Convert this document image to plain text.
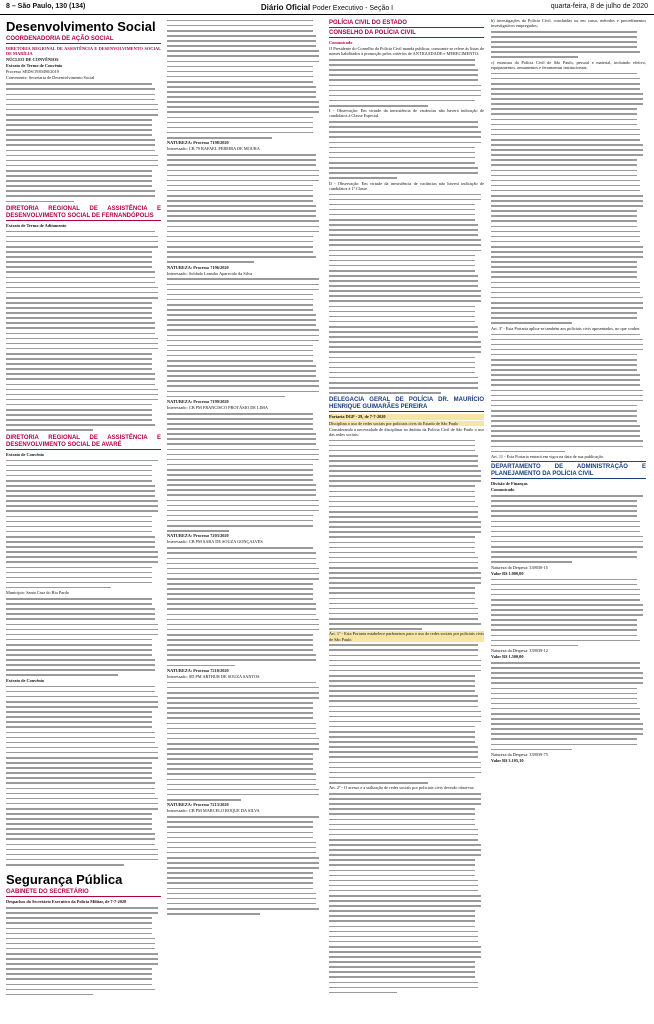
8 – São Paulo, 130 (134)	Diário Oficial Poder Executivo - Seção I	quarta-feira, 8 de julho de 2020
Desenvolvimento Social
COORDENADORIA DE AÇÃO SOCIAL

DIRETORIA REGIONAL DE ASSISTÊNCIA E DESENVOLVIMENTO SOCIAL DE MARÍLIA

NÚCLEO DE CONVÊNIOS

Extrato de Termo de Convênio

Processo SEDS/1939490/2019

Convenente: Secretaria de Desenvolvimento Social

DIRETORIA REGIONAL DE ASSISTÊNCIA E DESENVOLVIMENTO SOCIAL DE FERNANDÓPOLIS

Extrato de Termo de Aditamento

DIRETORIA REGIONAL DE ASSISTÊNCIA E DESENVOLVIMENTO SOCIAL DE AVARÉ

Extrato de Convênio

Município: Santa Cruz do Rio Pardo

Extrato de Convênio

Segurança Pública
GABINETE DO SECRETÁRIO

Despachos do Secretário Executivo da Polícia Militar, de 7-7-2020

NATUREZA: Processo 7198/2020

Interessado: CB 79 RAFAEL PEREIRA DE MOURA

NATUREZA: Processo 7196/2020

Interessado: Soldado Leandro Aparecido da Silva

NATUREZA: Processo 7199/2020

Interessado: CB PM FRANCISCO PROTÁSIO DE LIMA

NATUREZA: Processo 7203/2020

Interessado: CB PM SARA DE SOUZA GONÇALVES

NATUREZA: Processo 7210/2020

Interessado: SD PM ARTHUR DE SOUZA SANTOS

NATUREZA: Processo 7213/2020

Interessado: CB PM MARCELO ROQUE DA SILVA

POLÍCIA CIVIL DO ESTADO
CONSELHO DA POLÍCIA CIVIL

Comunicado

O Presidente do Conselho da Polícia Civil manda publicar, consoante se refere às listas de nomes habilitados à promoção pelos critérios de ANTIGUIDADE e MERECIMENTO:

I - Observação: Em virtude da inexistência de vacâncias não haverá indicação de candidatos à Classe Especial.

II - Observação: Em virtude da inexistência de vacâncias não haverá indicação de candidatos à 1ª Classe.

DELEGACIA GERAL DE POLÍCIA DR. MAURÍCIO HENRIQUE GUIMARÃES PEREIRA

Portaria DGP - 29, de 7-7-2020

Disciplina o uso de redes sociais por policiais civis do Estado de São Paulo

Considerando a necessidade de disciplinar no âmbito da Polícia Civil de São Paulo o uso das redes sociais;

Art. 1º - Esta Portaria estabelece parâmetros para o uso de redes sociais por policiais civis de São Paulo.

Art. 2º - O acesso e a utilização de redes sociais por policiais civis deverão observar:

b) investigações da Polícia Civil, concluídas ou em curso, métodos e procedimentos investigativos empregados;

c) estrutura da Polícia Civil de São Paulo, pessoal e material, incluindo efetivo, equipamentos, armamentos e ferramentas institucionais;

Art. 3º - Esta Portaria aplica-se também aos policiais civis aposentados, no que couber.

Art. 11 - Esta Portaria entrará em vigor na data de sua publicação.

DEPARTAMENTO DE ADMINISTRAÇÃO E PLANEJAMENTO DA POLÍCIA CIVIL

Divisão de Finanças

Comunicado

Natureza da Despesa: 339030-15

Valor R$ 1.000,00

Natureza da Despesa: 339039-12

Valor R$ 1.500,00

Natureza da Despesa: 339039-75

Valor R$ 3.105,10
